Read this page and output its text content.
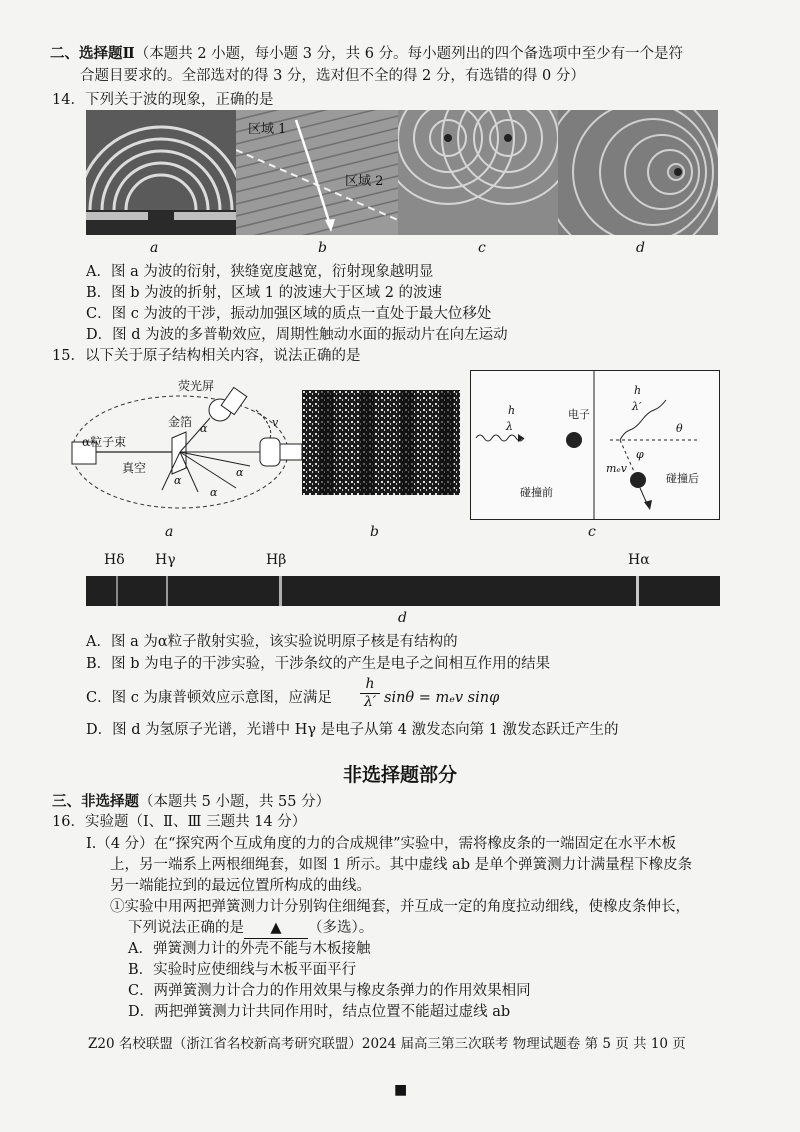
二、选择题Ⅱ（本题共 2 小题，每小题 3 分，共 6 分。每小题列出的四个备选项中至少有一个是符
合题目要求的。全部选对的得 3 分，选对但不全的得 2 分，有选错的得 0 分）
14．下列关于波的现象，正确的是
区域 1
区域 2
a	b	c	d
A．图 a 为波的衍射，狭缝宽度越宽，衍射现象越明显
B．图 b 为波的折射，区域 1 的波速大于区域 2 的波速
C．图 c 为波的干涉，振动加强区域的质点一直处于最大位移处
D．图 d 为波的多普勒效应，周期性触动水面的振动片在向左运动
15．以下关于原子结构相关内容，说法正确的是
α
α
α
α
v
荧光屏
金箔
α粒子束
真空
h
λ
电子
碰撞前
h
λ′
θ
φ
mₑv
碰撞后
a	b	c
Hδ Hγ	Hβ	Hα
d
A．图 a 为α粒子散射实验，该实验说明原子核是有结构的
B．图 b 为电子的干涉实验，干涉条纹的产生是电子之间相互作用的结果
C．图 c 为康普顿效应示意图，应满足 $\frac{h}{\lambda'}$ sinθ = mₑv sinφ
D．图 d 为氢原子光谱，光谱中 Hγ 是电子从第 4 激发态向第 1 激发态跃迁产生的
非选择题部分
三、非选择题（本题共 5 小题，共 55 分）
16．实验题（Ⅰ、Ⅱ、Ⅲ 三题共 14 分）
Ⅰ.（4 分）在“探究两个互成角度的力的合成规律”实验中，需将橡皮条的一端固定在水平木板
上，另一端系上两根细绳套，如图 1 所示。其中虚线 ab 是单个弹簧测力计满量程下橡皮条
另一端能拉到的最远位置所构成的曲线。
①实验中用两把弹簧测力计分别钩住细绳套，并互成一定的角度拉动细线，使橡皮条伸长，
下列说法正确的是 ▲ （多选）。
A．弹簧测力计的外壳不能与木板接触
B．实验时应使细线与木板平面平行
C．两弹簧测力计合力的作用效果与橡皮条弹力的作用效果相同
D．两把弹簧测力计共同作用时，结点位置不能超过虚线 ab
Z20 名校联盟（浙江省名校新高考研究联盟）2024 届高三第三次联考 物理试题卷 第 5 页 共 10 页
■
